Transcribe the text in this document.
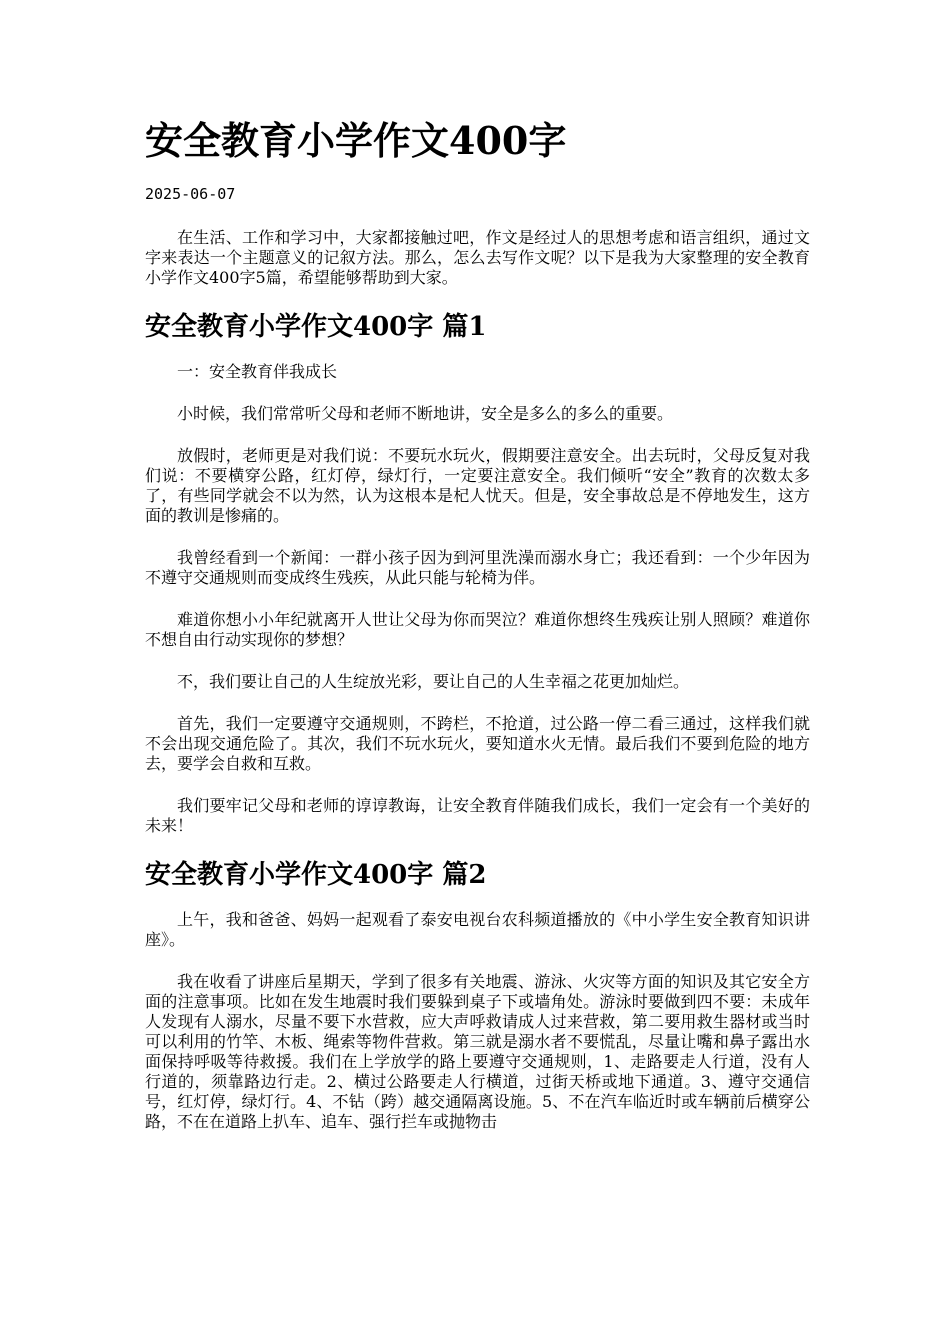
安全教育小学作文400字
2025-06-07

在生活、工作和学习中，大家都接触过吧，作文是经过人的思想考虑和语言组织，通过文字来表达一个主题意义的记叙方法。那么，怎么去写作文呢？以下是我为大家整理的安全教育小学作文400字5篇，希望能够帮助到大家。

安全教育小学作文400字 篇1

一：安全教育伴我成长

小时候，我们常常听父母和老师不断地讲，安全是多么的多么的重要。

放假时，老师更是对我们说：不要玩水玩火，假期要注意安全。出去玩时，父母反复对我们说：不要横穿公路，红灯停，绿灯行，一定要注意安全。我们倾听“安全”教育的次数太多了，有些同学就会不以为然，认为这根本是杞人忧天。但是，安全事故总是不停地发生，这方面的教训是惨痛的。

我曾经看到一个新闻：一群小孩子因为到河里洗澡而溺水身亡；我还看到：一个少年因为不遵守交通规则而变成终生残疾，从此只能与轮椅为伴。

难道你想小小年纪就离开人世让父母为你而哭泣？难道你想终生残疾让别人照顾？难道你不想自由行动实现你的梦想？

不，我们要让自己的人生绽放光彩，要让自己的人生幸福之花更加灿烂。

首先，我们一定要遵守交通规则，不跨栏，不抢道，过公路一停二看三通过，这样我们就不会出现交通危险了。其次，我们不玩水玩火，要知道水火无情。最后我们不要到危险的地方去，要学会自救和互救。

我们要牢记父母和老师的谆谆教诲，让安全教育伴随我们成长，我们一定会有一个美好的未来！

安全教育小学作文400字 篇2

上午，我和爸爸、妈妈一起观看了泰安电视台农科频道播放的《中小学生安全教育知识讲座》。

我在收看了讲座后星期天，学到了很多有关地震、游泳、火灾等方面的知识及其它安全方面的注意事项。比如在发生地震时我们要躲到桌子下或墙角处。游泳时要做到四不要：未成年人发现有人溺水，尽量不要下水营救，应大声呼救请成人过来营救，第二要用救生器材或当时可以利用的竹竿、木板、绳索等物件营救。第三就是溺水者不要慌乱，尽量让嘴和鼻子露出水面保持呼吸等待救援。我们在上学放学的路上要遵守交通规则，1、走路要走人行道，没有人行道的，须靠路边行走。2、横过公路要走人行横道，过街天桥或地下通道。3、遵守交通信号，红灯停，绿灯行。4、不钻（跨）越交通隔离设施。5、不在汽车临近时或车辆前后横穿公路，不在在道路上扒车、追车、强行拦车或抛物击
